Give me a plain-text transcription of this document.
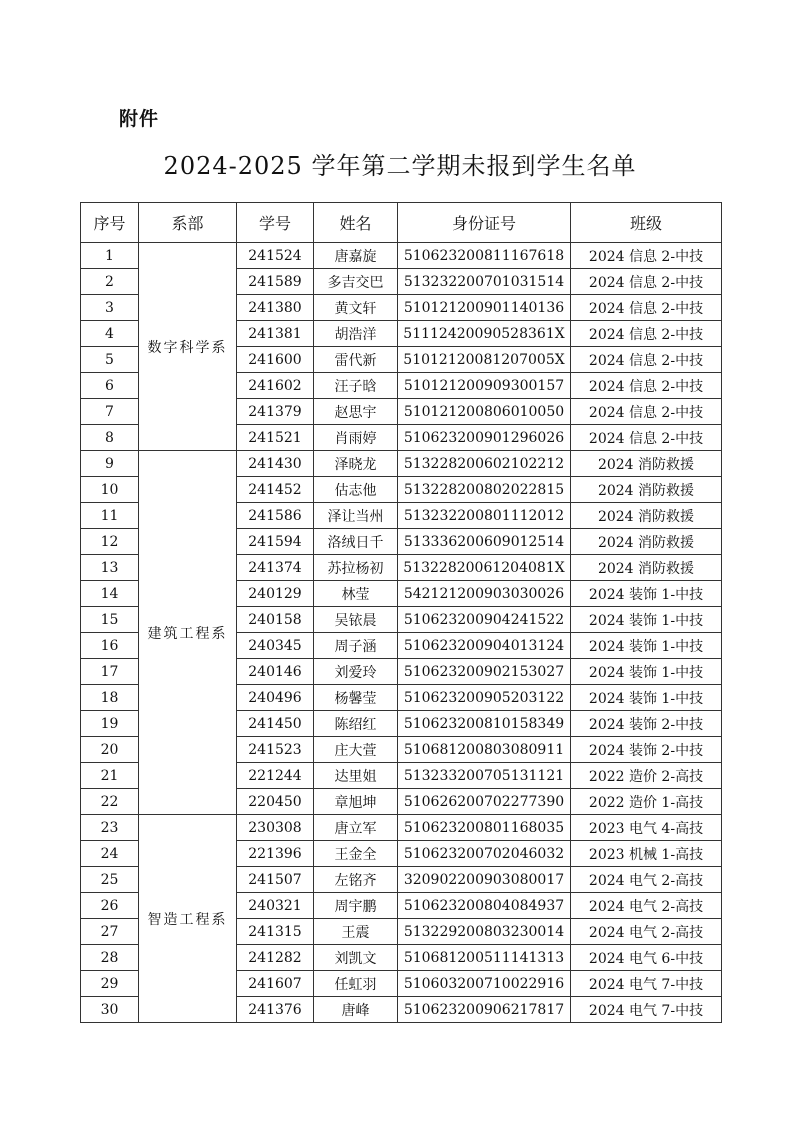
附件
2024-2025 学年第二学期未报到学生名单
序号	系部	学号	姓名	身份证号	班级
1	数字科学系	241524	唐嘉旋	510623200811167618	2024 信息 2-中技
2		241589	多吉交巴	513232200701031514	2024 信息 2-中技
3		241380	黄文轩	510121200901140136	2024 信息 2-中技
4		241381	胡浩洋	51112420090528361X	2024 信息 2-中技
5		241600	雷代新	51012120081207005X	2024 信息 2-中技
6		241602	汪子晗	510121200909300157	2024 信息 2-中技
7		241379	赵思宇	510121200806010050	2024 信息 2-中技
8		241521	肖雨婷	510623200901296026	2024 信息 2-中技
9	建筑工程系	241430	泽晓龙	513228200602102212	2024 消防救援
10		241452	估志他	513228200802022815	2024 消防救援
11		241586	泽让当州	513232200801112012	2024 消防救援
12		241594	洛绒日千	513336200609012514	2024 消防救援
13		241374	苏拉杨初	51322820061204081X	2024 消防救援
14		240129	林莹	542121200903030026	2024 装饰 1-中技
15		240158	吴铱晨	510623200904241522	2024 装饰 1-中技
16		240345	周子涵	510623200904013124	2024 装饰 1-中技
17		240146	刘爱玲	510623200902153027	2024 装饰 1-中技
18		240496	杨馨莹	510623200905203122	2024 装饰 1-中技
19		241450	陈绍红	510623200810158349	2024 装饰 2-中技
20		241523	庄大萱	510681200803080911	2024 装饰 2-中技
21		221244	达里姐	513233200705131121	2022 造价 2-高技
22		220450	章旭坤	510626200702277390	2022 造价 1-高技
23	智造工程系	230308	唐立军	510623200801168035	2023 电气 4-高技
24		221396	王金全	510623200702046032	2023 机械 1-高技
25		241507	左铭齐	320902200903080017	2024 电气 2-高技
26		240321	周宇鹏	510623200804084937	2024 电气 2-高技
27		241315	王震	513229200803230014	2024 电气 2-高技
28		241282	刘凯文	510681200511141313	2024 电气 6-中技
29		241607	任虹羽	510603200710022916	2024 电气 7-中技
30		241376	唐峰	510623200906217817	2024 电气 7-中技
